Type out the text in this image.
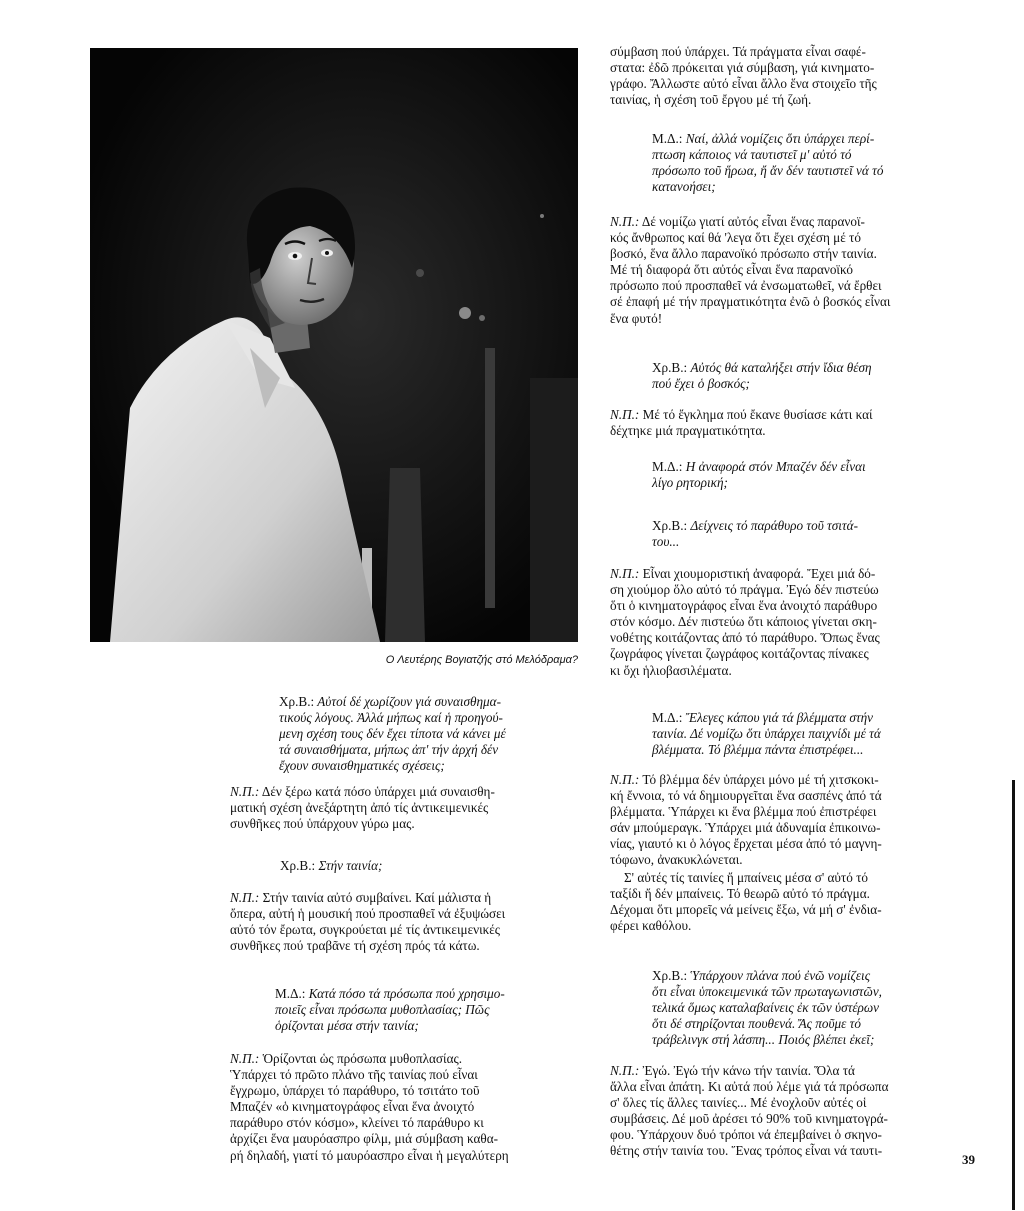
Ο Λευτέρης Βογιατζής στό Μελόδραμα?

Χρ.Β.: Αὐτοί δέ χωρίζουν γιά συναισθημα-

τικούς λόγους. Ἀλλά μήπως καί ἡ προηγού-

μενη σχέση τους δέν ἔχει τίποτα νά κάνει μέ

τά συναισθήματα, μήπως ἀπ' τήν ἀρχή δέν

ἔχουν συναισθηματικές σχέσεις;

Ν.Π.: Δέν ξέρω κατά πόσο ὑπάρχει μιά συναισθη-

ματική σχέση ἀνεξάρτητη ἀπό τίς ἀντικειμενικές

συνθῆκες πού ὑπάρχουν γύρω μας.

Χρ.Β.: Στήν ταινία;

Ν.Π.: Στήν ταινία αὐτό συμβαίνει. Καί μάλιστα ἡ

ὄπερα, αὐτή ἡ μουσική πού προσπαθεῖ νά ἐξυψώσει

αὐτό τόν ἔρωτα, συγκρούεται μέ τίς ἀντικειμενικές

συνθῆκες πού τραβᾶνε τή σχέση πρός τά κάτω.

Μ.Δ.: Κατά πόσο τά πρόσωπα πού χρησιμο-

ποιεῖς εἶναι πρόσωπα μυθοπλασίας; Πῶς

ὁρίζονται μέσα στήν ταινία;

Ν.Π.: Ὁρίζονται ὡς πρόσωπα μυθοπλασίας.

Ὑπάρχει τό πρῶτο πλάνο τῆς ταινίας πού εἶναι

ἔγχρωμο, ὑπάρχει τό παράθυρο, τό τσιτάτο τοῦ

Μπαζέν «ὁ κινηματογράφος εἶναι ἕνα ἀνοιχτό

παράθυρο στόν κόσμο», κλείνει τό παράθυρο κι

ἀρχίζει ἕνα μαυρόασπρο φίλμ, μιά σύμβαση καθα-

ρή δηλαδή, γιατί τό μαυρόασπρο εἶναι ἡ μεγαλύτερη

σύμβαση πού ὑπάρχει. Τά πράγματα εἶναι σαφέ-

στατα: ἐδῶ πρόκειται γιά σύμβαση, γιά κινηματο-

γράφο. Ἄλλωστε αὐτό εἶναι ἄλλο ἕνα στοιχεῖο τῆς

ταινίας, ἡ σχέση τοῦ ἔργου μέ τή ζωή.

Μ.Δ.: Ναί, ἀλλά νομίζεις ὅτι ὑπάρχει περί-

πτωση κάποιος νά ταυτιστεῖ μ' αὐτό τό

πρόσωπο τοῦ ἥρωα, ἤ ἄν δέν ταυτιστεῖ νά τό

κατανοήσει;

Ν.Π.: Δέ νομίζω γιατί αὐτός εἶναι ἕνας παρανοϊ-

κός ἄνθρωπος καί θά 'λεγα ὅτι ἔχει σχέση μέ τό

βοσκό, ἕνα ἄλλο παρανοϊκό πρόσωπο στήν ταινία.

Μέ τή διαφορά ὅτι αὐτός εἶναι ἕνα παρανοϊκό

πρόσωπο πού προσπαθεῖ νά ἐνσωματωθεῖ, νά ἔρθει

σέ ἐπαφή μέ τήν πραγματικότητα ἐνῶ ὁ βοσκός εἶναι

ἕνα φυτό!

Χρ.Β.: Αὐτός θά καταλήξει στήν ἴδια θέση

πού ἔχει ὁ βοσκός;

Ν.Π.: Μέ τό ἔγκλημα πού ἔκανε θυσίασε κάτι καί

δέχτηκε μιά πραγματικότητα.

Μ.Δ.: Η ἀναφορά στόν Μπαζέν δέν εἶναι

λίγο ρητορική;

Χρ.Β.: Δείχνεις τό παράθυρο τοῦ τσιτά-

του...

Ν.Π.: Εἶναι χιουμοριστική ἀναφορά. Ἔχει μιά δό-

ση χιούμορ ὅλο αὐτό τό πράγμα. Ἐγώ δέν πιστεύω

ὅτι ὁ κινηματογράφος εἶναι ἕνα ἀνοιχτό παράθυρο

στόν κόσμο. Δέν πιστεύω ὅτι κάποιος γίνεται σκη-

νοθέτης κοιτάζοντας ἀπό τό παράθυρο. Ὅπως ἕνας

ζωγράφος γίνεται ζωγράφος κοιτάζοντας πίνακες

κι ὄχι ἡλιοβασιλέματα.

Μ.Δ.: Ἔλεγες κάπου γιά τά βλέμματα στήν

ταινία. Δέ νομίζω ὅτι ὑπάρχει παιχνίδι μέ τά

βλέμματα. Τό βλέμμα πάντα ἐπιστρέφει...

Ν.Π.: Τό βλέμμα δέν ὑπάρχει μόνο μέ τή χιτσκοκι-

κή ἔννοια, τό νά δημιουργεῖται ἕνα σασπένς ἀπό τά

βλέμματα. Ὑπάρχει κι ἕνα βλέμμα πού ἐπιστρέφει

σάν μπούμεραγκ. Ὑπάρχει μιά ἀδυναμία ἐπικοινω-

νίας, γιαυτό κι ὁ λόγος ἔρχεται μέσα ἀπό τό μαγνη-

τόφωνο, ἀνακυκλώνεται.

Σ' αὐτές τίς ταινίες ἤ μπαίνεις μέσα σ' αὐτό τό

ταξίδι ἤ δέν μπαίνεις. Τό θεωρῶ αὐτό τό πράγμα.

Δέχομαι ὅτι μπορεῖς νά μείνεις ἔξω, νά μή σ' ἐνδια-

φέρει καθόλου.

Χρ.Β.: Ὑπάρχουν πλάνα πού ἐνῶ νομίζεις

ὅτι εἶναι ὑποκειμενικά τῶν πρωταγωνιστῶν,

τελικά ὅμως καταλαβαίνεις ἐκ τῶν ὑστέρων

ὅτι δέ στηρίζονται πουθενά. Ἄς ποῦμε τό

τράβελινγκ στή λάσπη... Ποιός βλέπει ἐκεῖ;

Ν.Π.: Ἐγώ. Ἐγώ τήν κάνω τήν ταινία. Ὅλα τά

ἄλλα εἶναι ἀπάτη. Κι αὐτά πού λέμε γιά τά πρόσωπα

σ' ὅλες τίς ἄλλες ταινίες... Μέ ἐνοχλοῦν αὐτές οἱ

συμβάσεις. Δέ μοῦ ἀρέσει τό 90% τοῦ κινηματογρά-

φου. Ὑπάρχουν δυό τρόποι νά ἐπεμβαίνει ὁ σκηνο-

θέτης στήν ταινία του. Ἕνας τρόπος εἶναι νά ταυτι-

39
